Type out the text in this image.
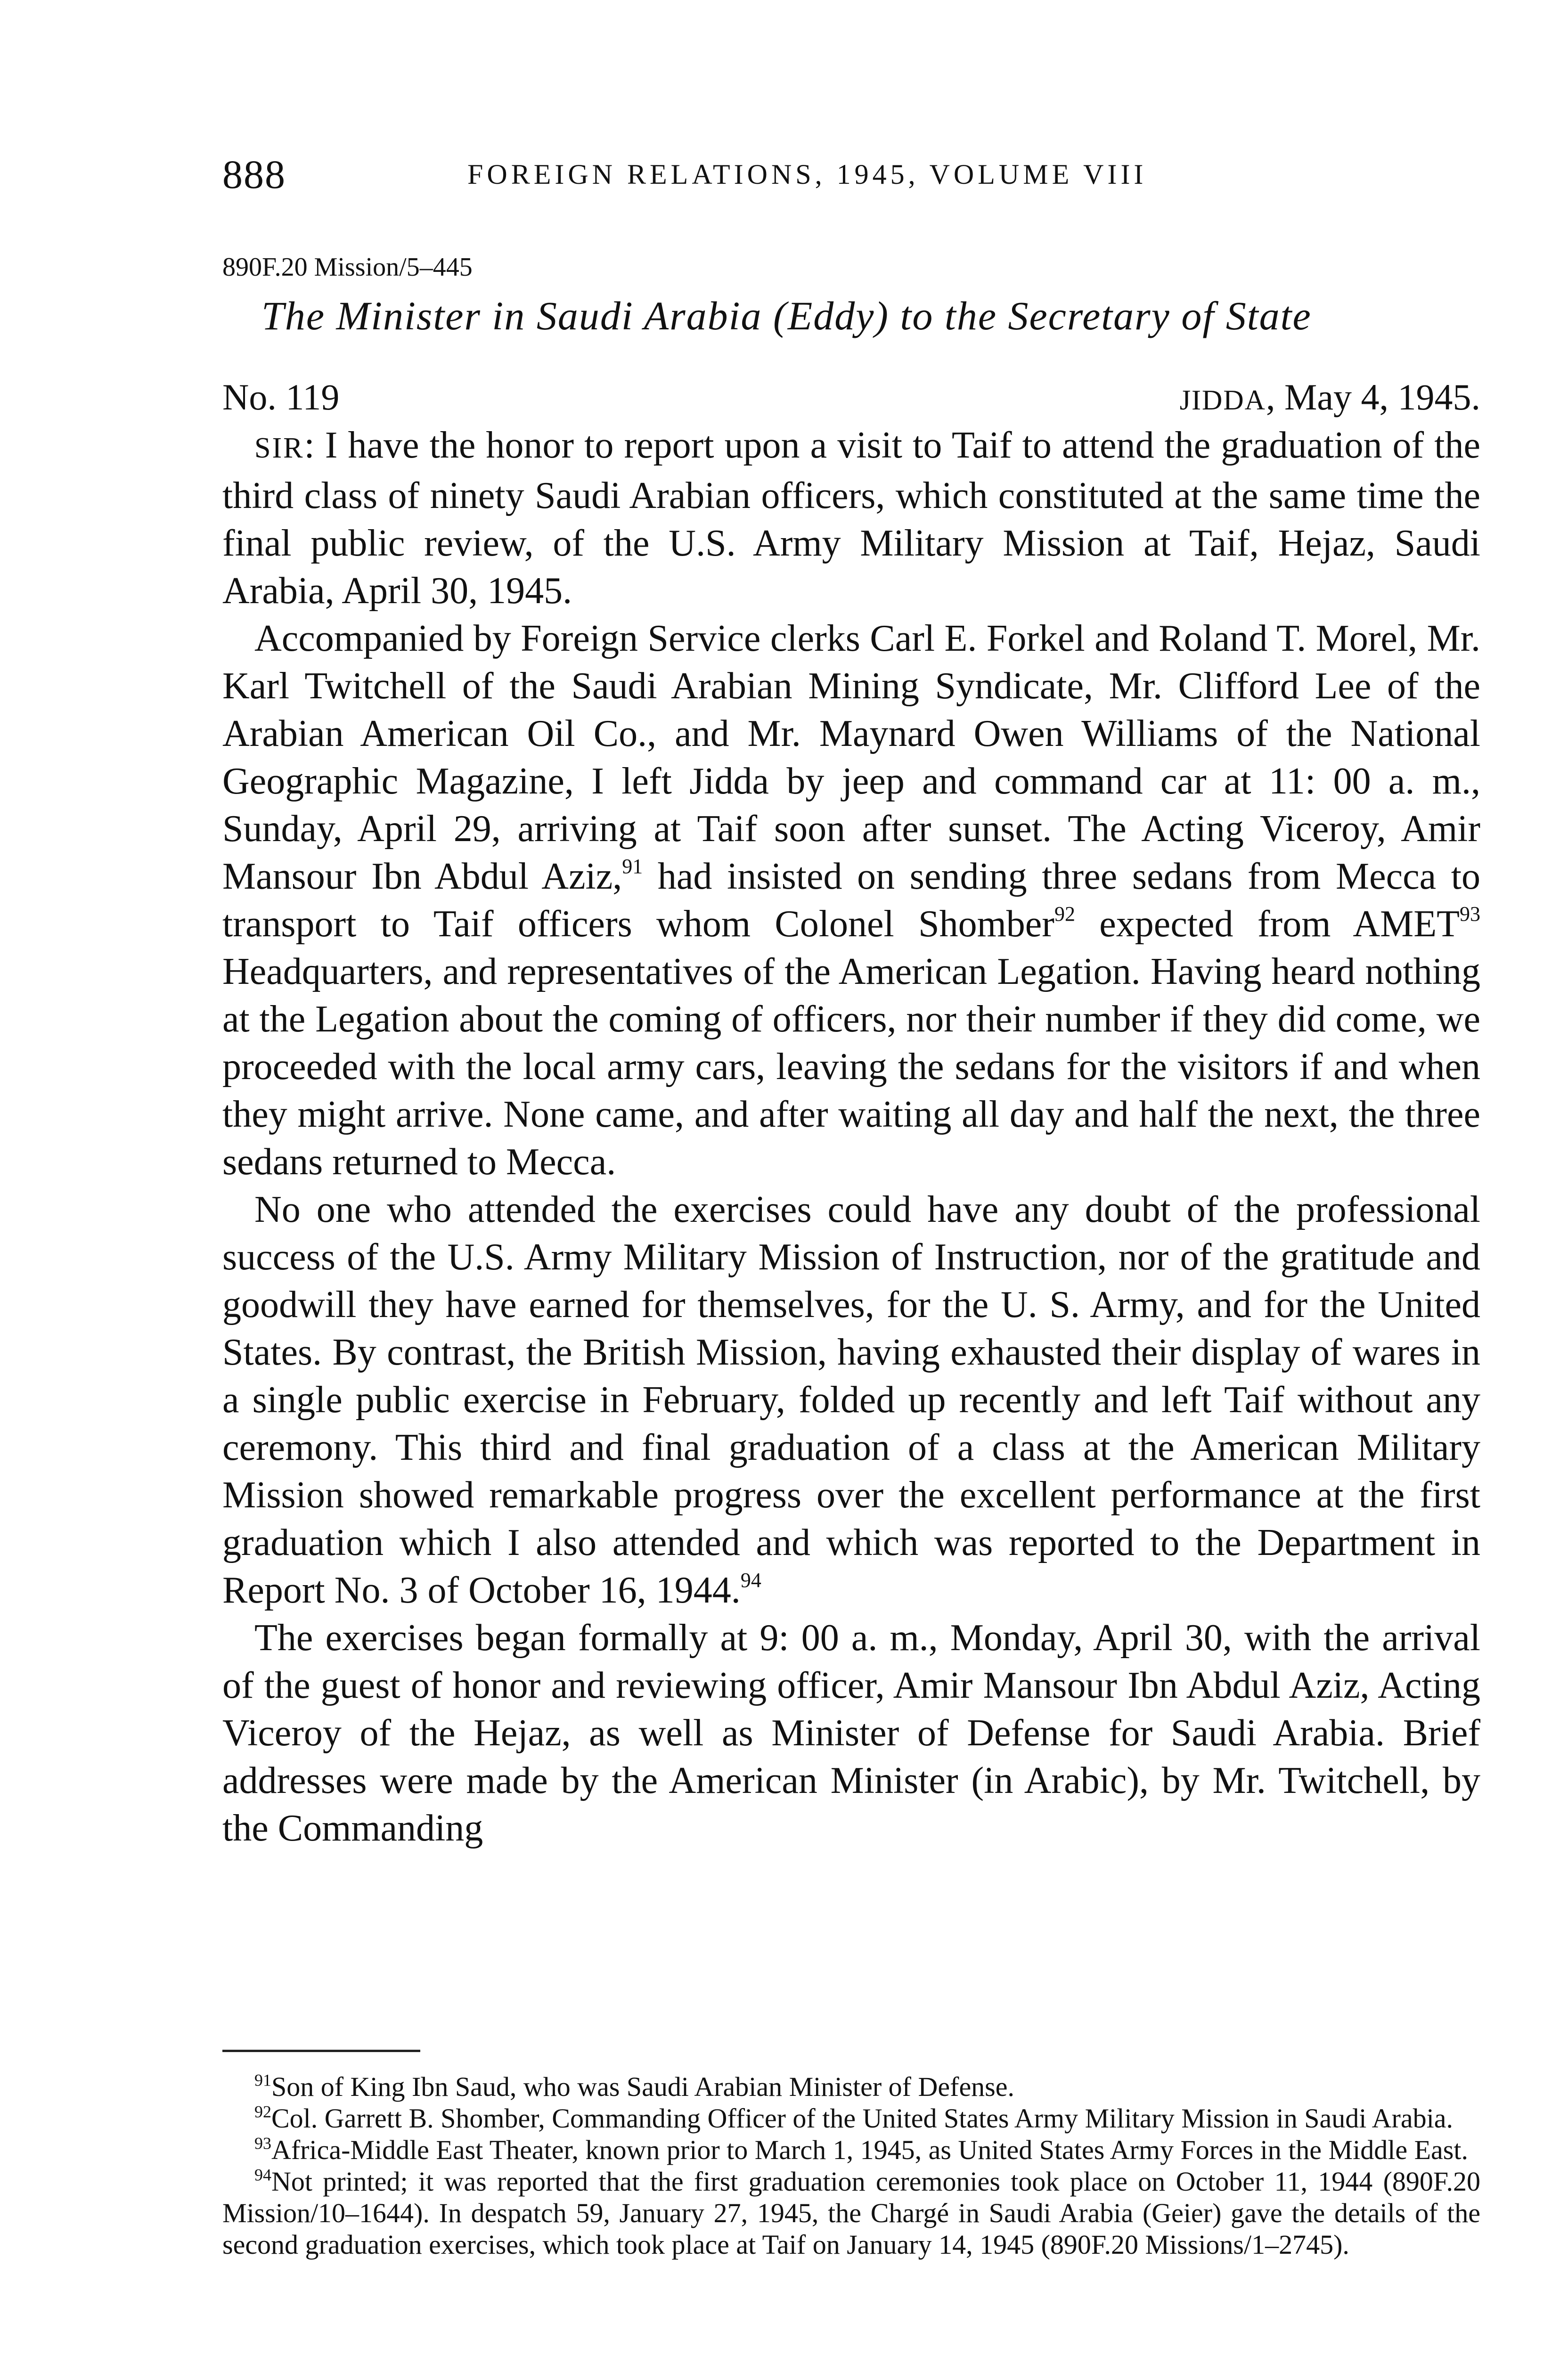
888	FOREIGN RELATIONS, 1945, VOLUME VIII
890F.20 Mission/5–445
The Minister in Saudi Arabia (Eddy) to the Secretary of State
No. 119	JIDDA, May 4, 1945.

SIR: I have the honor to report upon a visit to Taif to attend the graduation of the third class of ninety Saudi Arabian officers, which constituted at the same time the final public review, of the U.S. Army Military Mission at Taif, Hejaz, Saudi Arabia, April 30, 1945.

Accompanied by Foreign Service clerks Carl E. Forkel and Roland T. Morel, Mr. Karl Twitchell of the Saudi Arabian Mining Syndicate, Mr. Clifford Lee of the Arabian American Oil Co., and Mr. Maynard Owen Williams of the National Geographic Magazine, I left Jidda by jeep and command car at 11: 00 a. m., Sunday, April 29, arriving at Taif soon after sunset. The Acting Viceroy, Amir Mansour Ibn Abdul Aziz,$^{91}$ had insisted on sending three sedans from Mecca to transport to Taif officers whom Colonel Shomber$^{92}$ expected from AMET$^{93}$ Headquarters, and representatives of the American Legation. Having heard nothing at the Legation about the coming of officers, nor their number if they did come, we proceeded with the local army cars, leaving the sedans for the visitors if and when they might arrive. None came, and after waiting all day and half the next, the three sedans returned to Mecca.

No one who attended the exercises could have any doubt of the professional success of the U.S. Army Military Mission of Instruction, nor of the gratitude and goodwill they have earned for themselves, for the U. S. Army, and for the United States. By contrast, the British Mission, having exhausted their display of wares in a single public exercise in February, folded up recently and left Taif without any ceremony. This third and final graduation of a class at the American Military Mission showed remarkable progress over the excellent performance at the first graduation which I also attended and which was reported to the Department in Report No. 3 of October 16, 1944.94

The exercises began formally at 9: 00 a. m., Monday, April 30, with the arrival of the guest of honor and reviewing officer, Amir Mansour Ibn Abdul Aziz, Acting Viceroy of the Hejaz, as well as Minister of Defense for Saudi Arabia. Brief addresses were made by the American Minister (in Arabic), by Mr. Twitchell, by the Commanding

$^{91}$Son of King Ibn Saud, who was Saudi Arabian Minister of Defense.

$^{92}$Col. Garrett B. Shomber, Commanding Officer of the United States Army Military Mission in Saudi Arabia.

$^{93}$Africa-Middle East Theater, known prior to March 1, 1945, as United States Army Forces in the Middle East.

$^{94}$Not printed; it was reported that the first graduation ceremonies took place on October 11, 1944 (890F.20 Mission/10–1644). In despatch 59, January 27, 1945, the Chargé in Saudi Arabia (Geier) gave the details of the second graduation exercises, which took place at Taif on January 14, 1945 (890F.20 Missions/1–2745).
